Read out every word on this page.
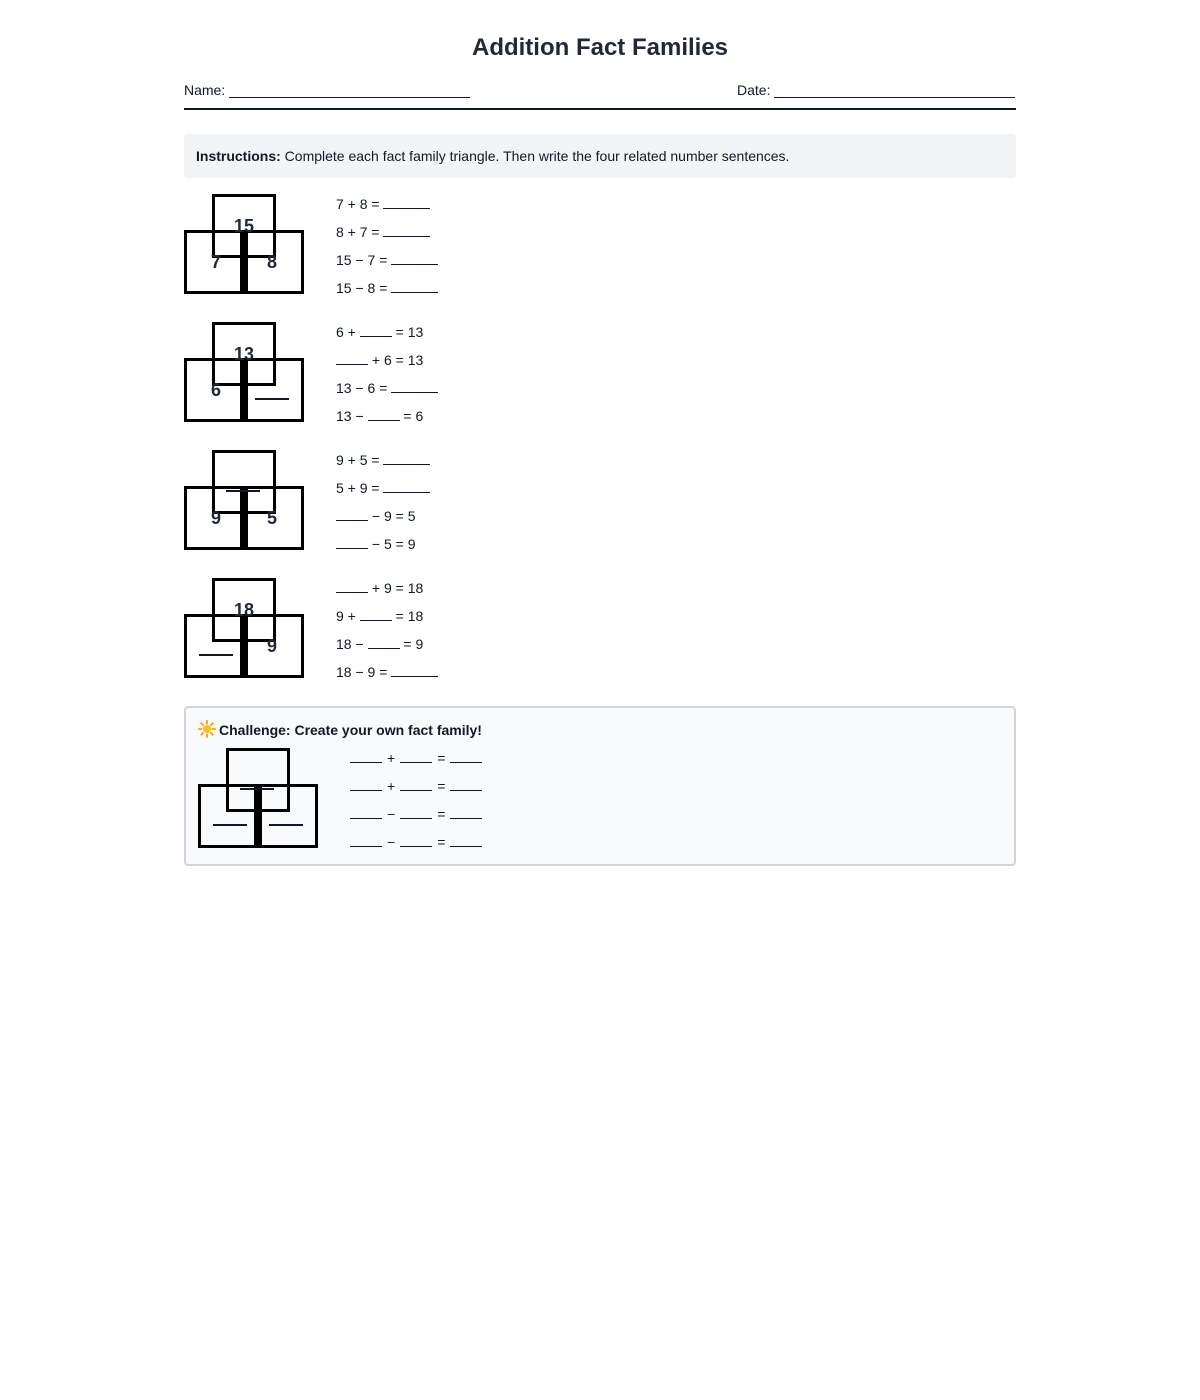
Addition Fact Families
Name:	Date:
Instructions: Complete each fact family triangle. Then write the four related number sentences.
15
7	8
7 + 8 =
8 + 7 =
15 − 7 =
15 − 8 =
13
6
6 +  = 13
+ 6 = 13
13 − 6 =
13 −  = 6
9	5
9 + 5 =
5 + 9 =
− 9 = 5
− 5 = 9
18
9
+ 9 = 18
9 +  = 18
18 −  = 9
18 − 9 =
Challenge: Create your own fact family!
+	=
+	=
−	=
−	=
